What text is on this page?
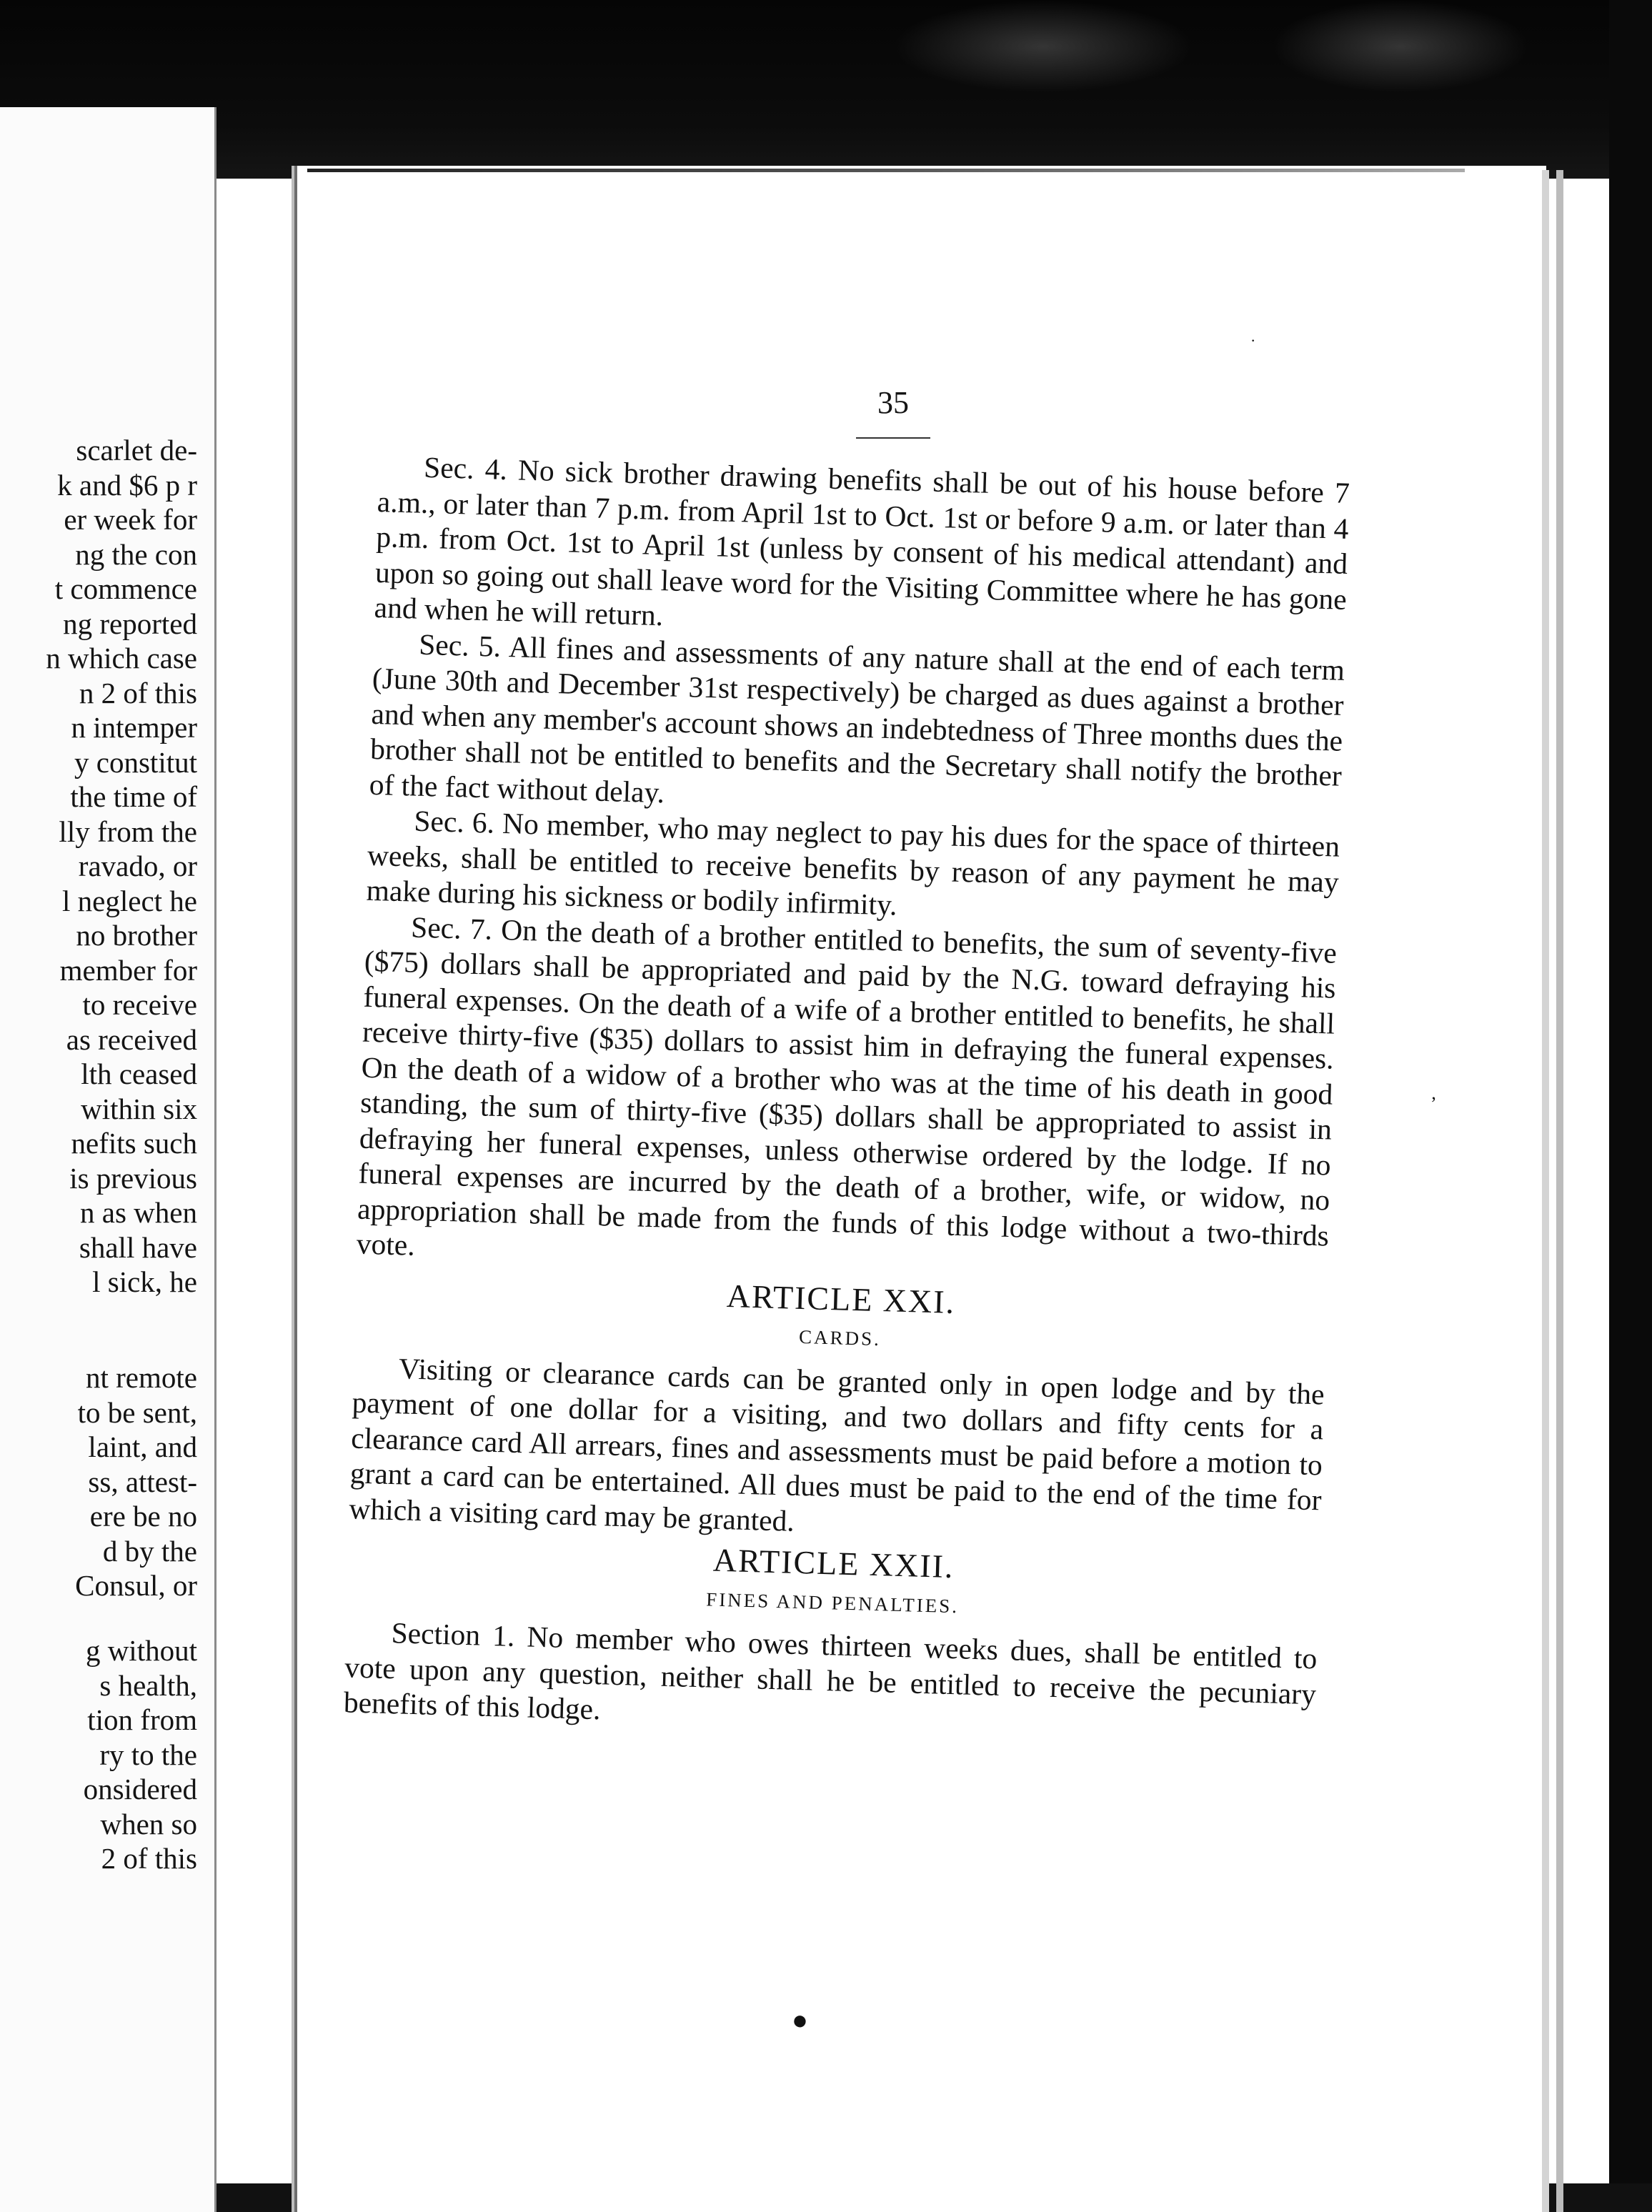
scarlet de-
k and $6 p r
er week for
ng the con
t commence
ng reported
n which case
n 2 of this
n intemper
y constitut
the time of
lly from the
ravado, or
l neglect he
no brother
member for
to receive
as received
lth ceased
within six
nefits such
is previous
n as when
shall have
l sick, he
nt remote
to be sent,
laint, and
ss, attest-
ere be no
d by the
Consul, or
g without
s health,
tion from
ry to the
onsidered
when so
2 of this
35

Sec. 4. No sick brother drawing benefits shall be out of his house before 7 a.m., or later than 7 p.m. from April 1st to Oct. 1st or before 9 a.m. or later than 4 p.m. from Oct. 1st to April 1st (unless by consent of his medical attendant) and upon so going out shall leave word for the Visiting Committee where he has gone and when he will return.

Sec. 5. All fines and assessments of any nature shall at the end of each term (June 30th and December 31st respectively) be charged as dues against a brother and when any member's account shows an indebtedness of Three months dues the brother shall not be entitled to benefits and the Secretary shall notify the brother of the fact without delay.

Sec. 6. No member, who may neglect to pay his dues for the space of thirteen weeks, shall be entitled to receive benefits by reason of any payment he may make during his sickness or bodily infirmity.

Sec. 7. On the death of a brother entitled to benefits, the sum of seventy-five ($75) dollars shall be appropriated and paid by the N.G. toward defraying his funeral expenses. On the death of a wife of a brother entitled to benefits, he shall receive thirty-five ($35) dollars to assist him in defraying the funeral expenses. On the death of a widow of a brother who was at the time of his death in good standing, the sum of thirty-five ($35) dollars shall be appropriated to assist in defraying her funeral expenses, unless otherwise ordered by the lodge. If no funeral expenses are incurred by the death of a brother, wife, or widow, no appropriation shall be made from the funds of this lodge without a two-thirds vote.

ARTICLE XXI.
CARDS.

Visiting or clearance cards can be granted only in open lodge and by the payment of one dollar for a visiting, and two dollars and fifty cents for a clearance card All arrears, fines and assessments must be paid before a motion to grant a card can be entertained. All dues must be paid to the end of the time for which a visiting card may be granted.

ARTICLE XXII.
FINES AND PENALTIES.

Section 1. No member who owes thirteen weeks dues, shall be entitled to vote upon any question, neither shall he be entitled to receive the pecuniary benefits of this lodge.

●
’
·
